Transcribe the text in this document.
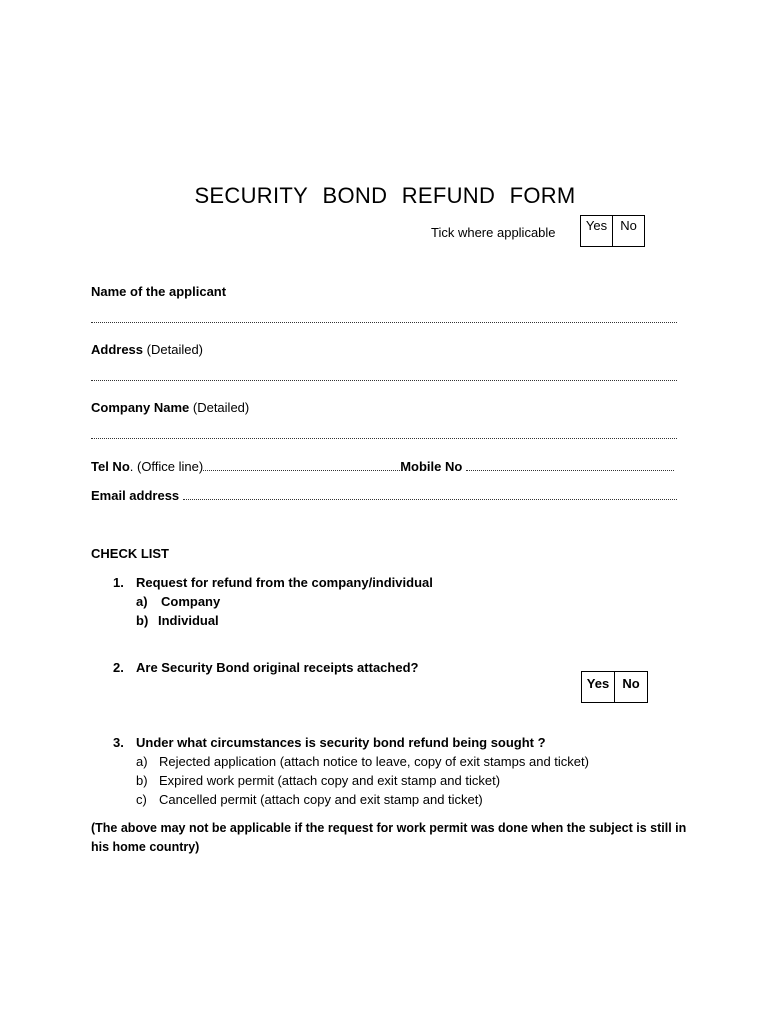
SECURITY BOND REFUND FORM
Tick where applicable Yes	No
Name of the applicant
Address (Detailed)
Company Name (Detailed)
Tel No. (Office line)	Mobile No
Email address
CHECK LIST
1. Request for refund from the company/individual
a) Company
b) Individual
2. Are Security Bond original receipts attached?
Yes	No
3. Under what circumstances is security bond refund being sought ?
a) Rejected application (attach notice to leave, copy of exit stamps and ticket)
b) Expired work permit (attach copy and exit stamp and ticket)
c) Cancelled permit (attach copy and exit stamp and ticket)
(The above may not be applicable if the request for work permit was done when the subject is still in
his home country)
